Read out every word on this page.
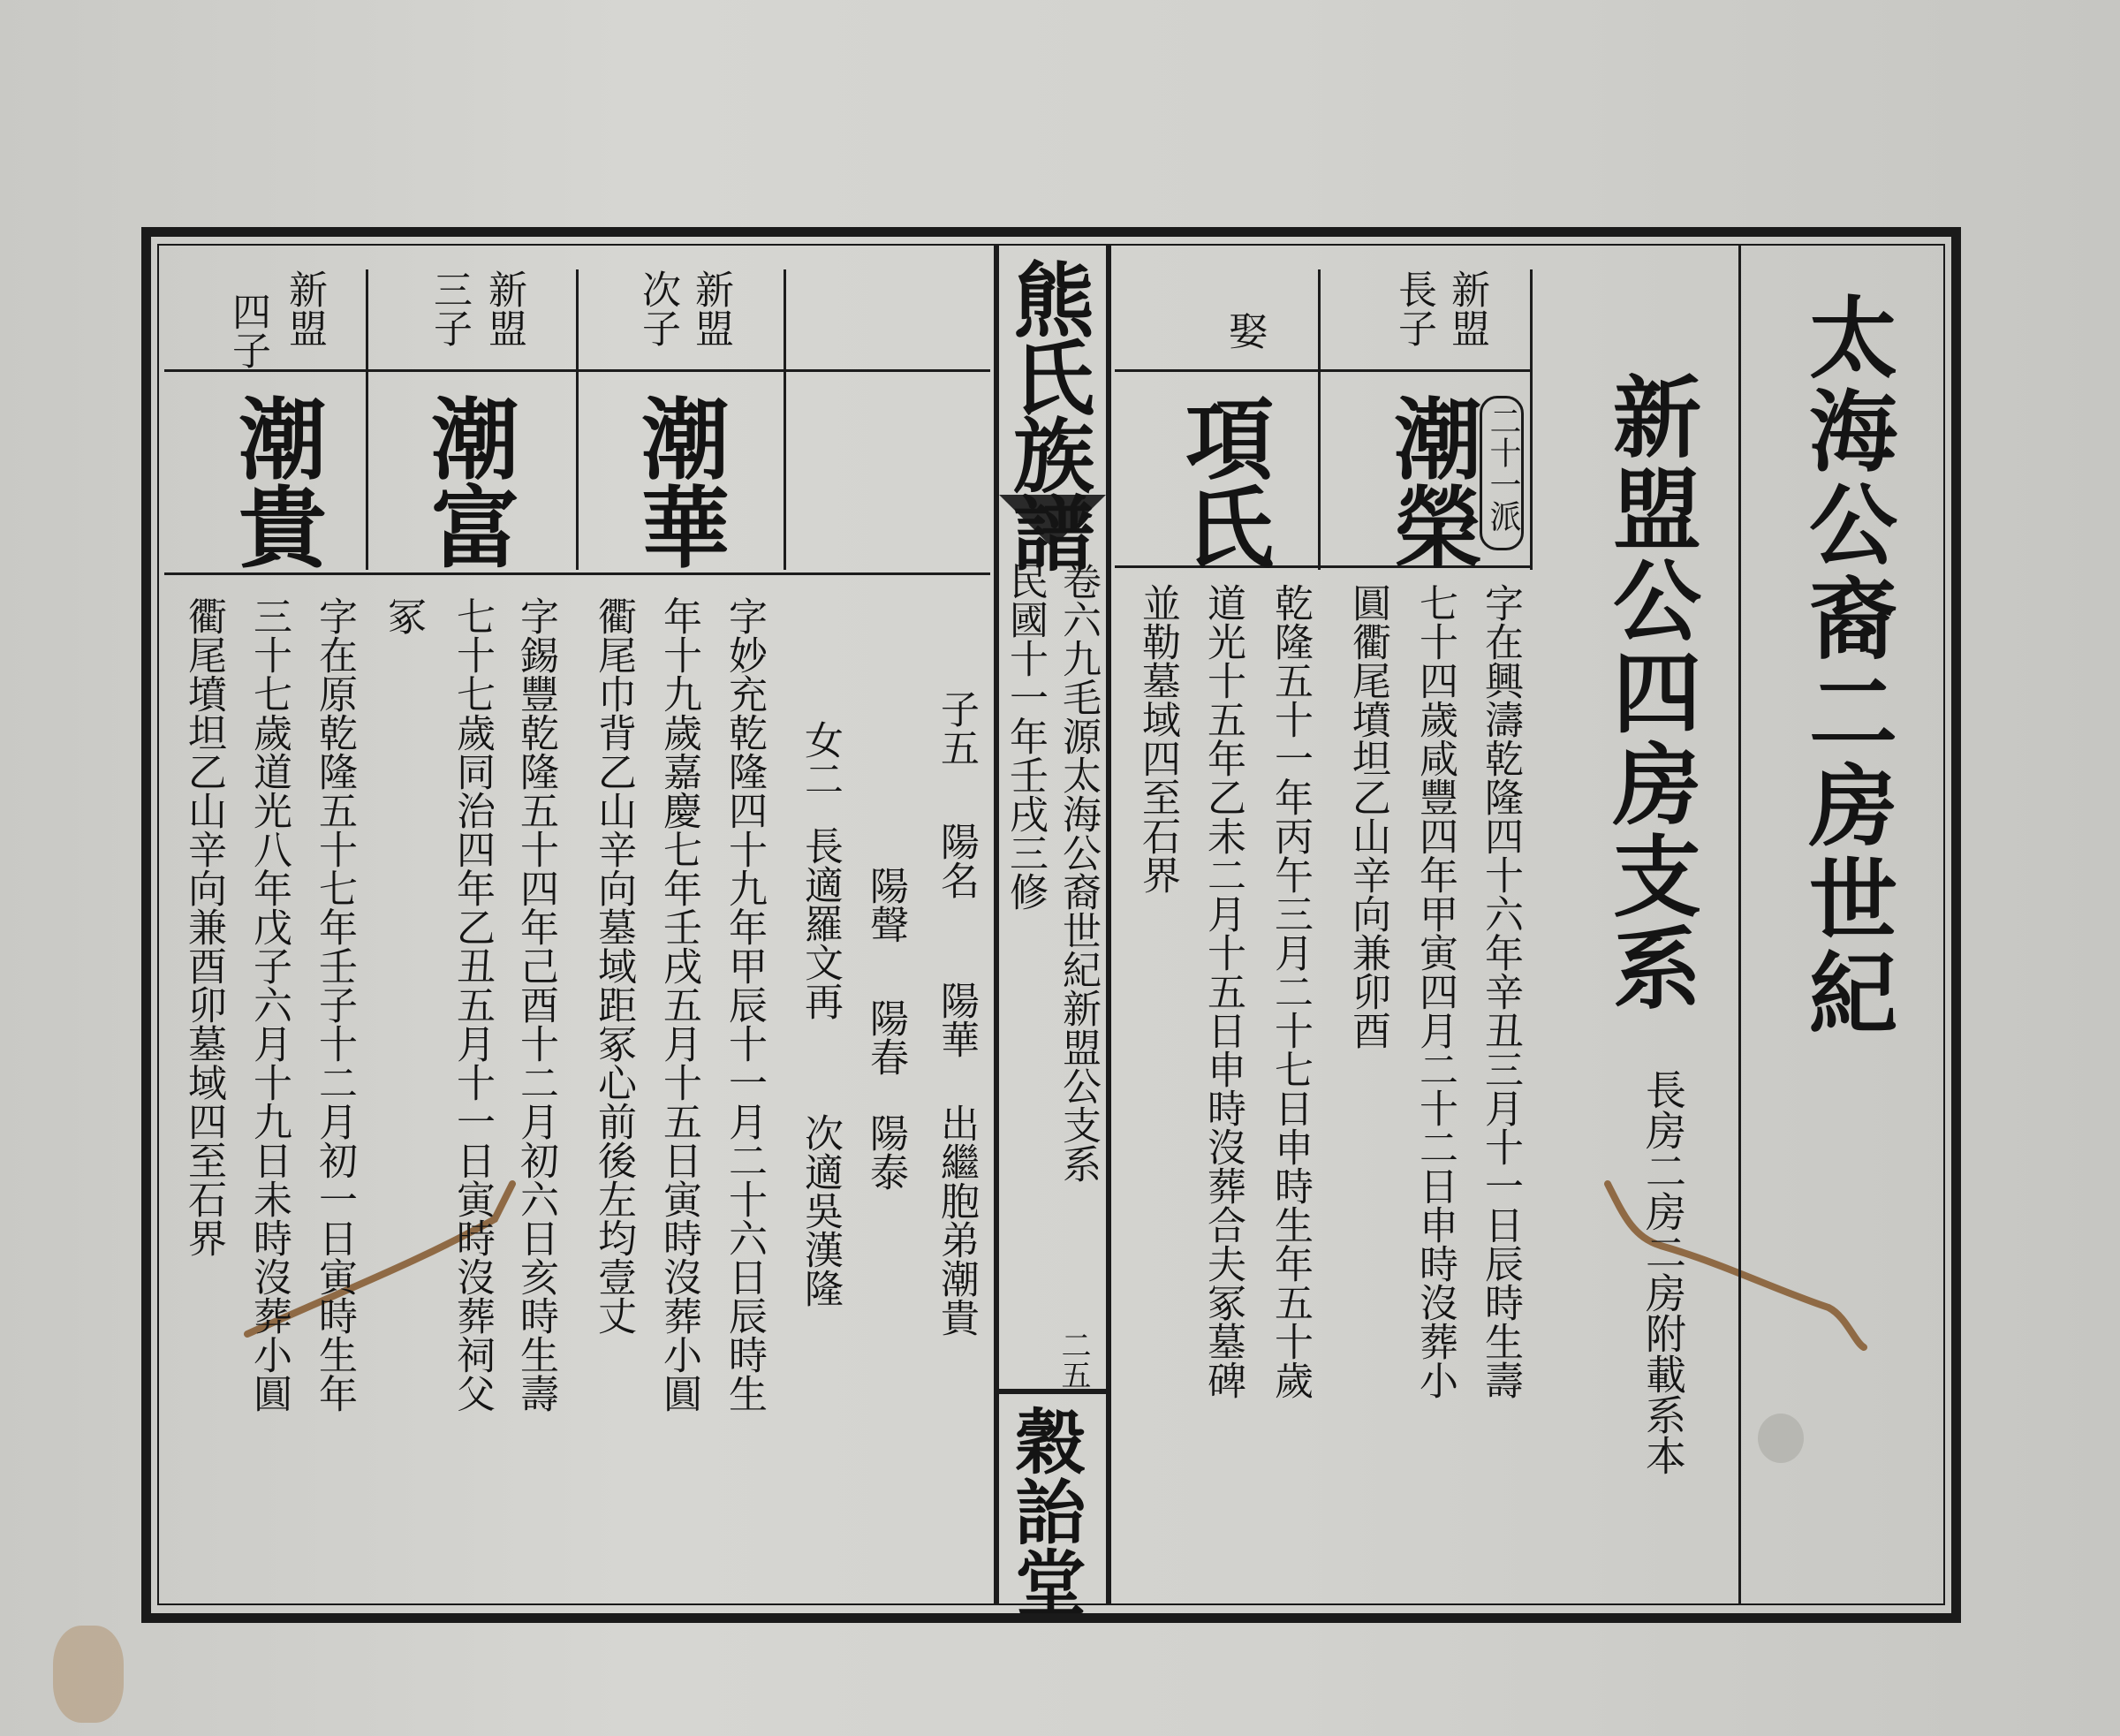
新盟
四子
潮貴
字在原乾隆五十七年壬子十二月初一日寅時生年
三十七歲道光八年戊子六月十九日未時沒葬小圓
衢尾墳坦乙山辛向兼酉卯墓域四至石界
新盟
三子
潮富
字錫豐乾隆五十四年己酉十二月初六日亥時生壽
七十七歲同治四年乙丑五月十一日寅時沒葬祠父
冢
新盟
次子
潮華
字妙充乾隆四十九年甲辰十一月二十六日辰時生
年十九歲嘉慶七年壬戌五月十五日寅時沒葬小圓
衢尾巾背乙山辛向墓域距冢心前後左均壹丈	子五
陽名
陽華 出繼胞弟潮貴
陽聲
陽春
陽泰
女二
長適羅文再
次適吳漢隆
熊氏族譜
卷六九毛源太海公裔世紀新盟公支系
二五
民國十一年壬戌三修
穀詒堂
二十一派
新盟
長子
潮榮
字在興濤乾隆四十六年辛丑三月十一日辰時生壽
七十四歲咸豐四年甲寅四月二十二日申時沒葬小
圓衢尾墳坦乙山辛向兼卯酉
娶
項氏
乾隆五十一年丙午三月二十七日申時生年五十歲
道光十五年乙未二月十五日申時沒葬合夫冢墓碑
並勒墓域四至石界	新盟公四房支系
長房二房二房附載系本
太海公裔二房世紀
